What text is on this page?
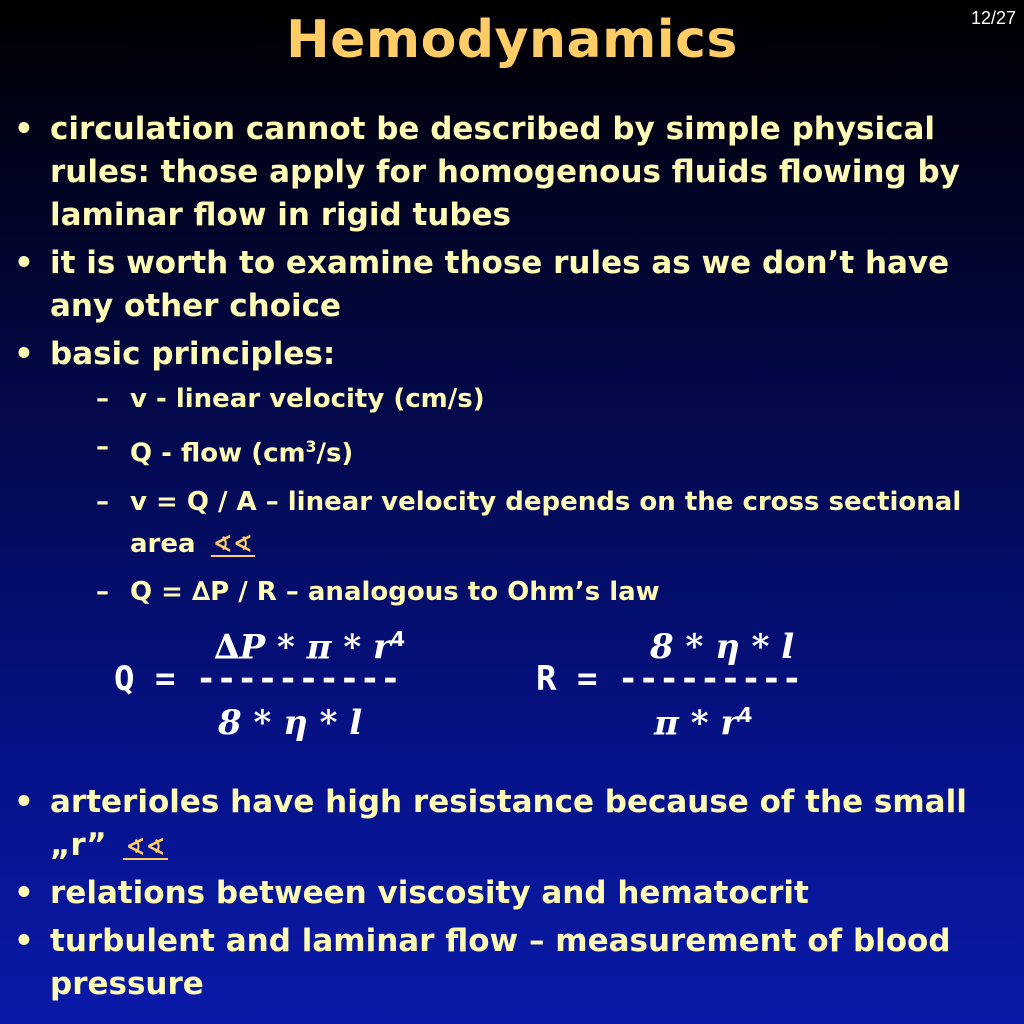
12/27
Hemodynamics
• circulation cannot be described by simple physical rules: those apply for homogenous fluids flowing by laminar flow in rigid tubes
• it is worth to examine those rules as we don’t have any other choice
• basic principles:
– v - linear velocity (cm/s)
– Q - flow $(cm^3/s)$
– v = Q / A – linear velocity depends on the cross sectional area ∢∢
– Q = ∆P / R – analogous to Ohm’s law
∆P * π * $r^4$
Q = ----------
8 * η * l
8 * η * l
R = ---------
π * $r^4$
• arterioles have high resistance because of the small „r” ∢∢
• relations between viscosity and hematocrit
• turbulent and laminar flow – measurement of blood pressure
